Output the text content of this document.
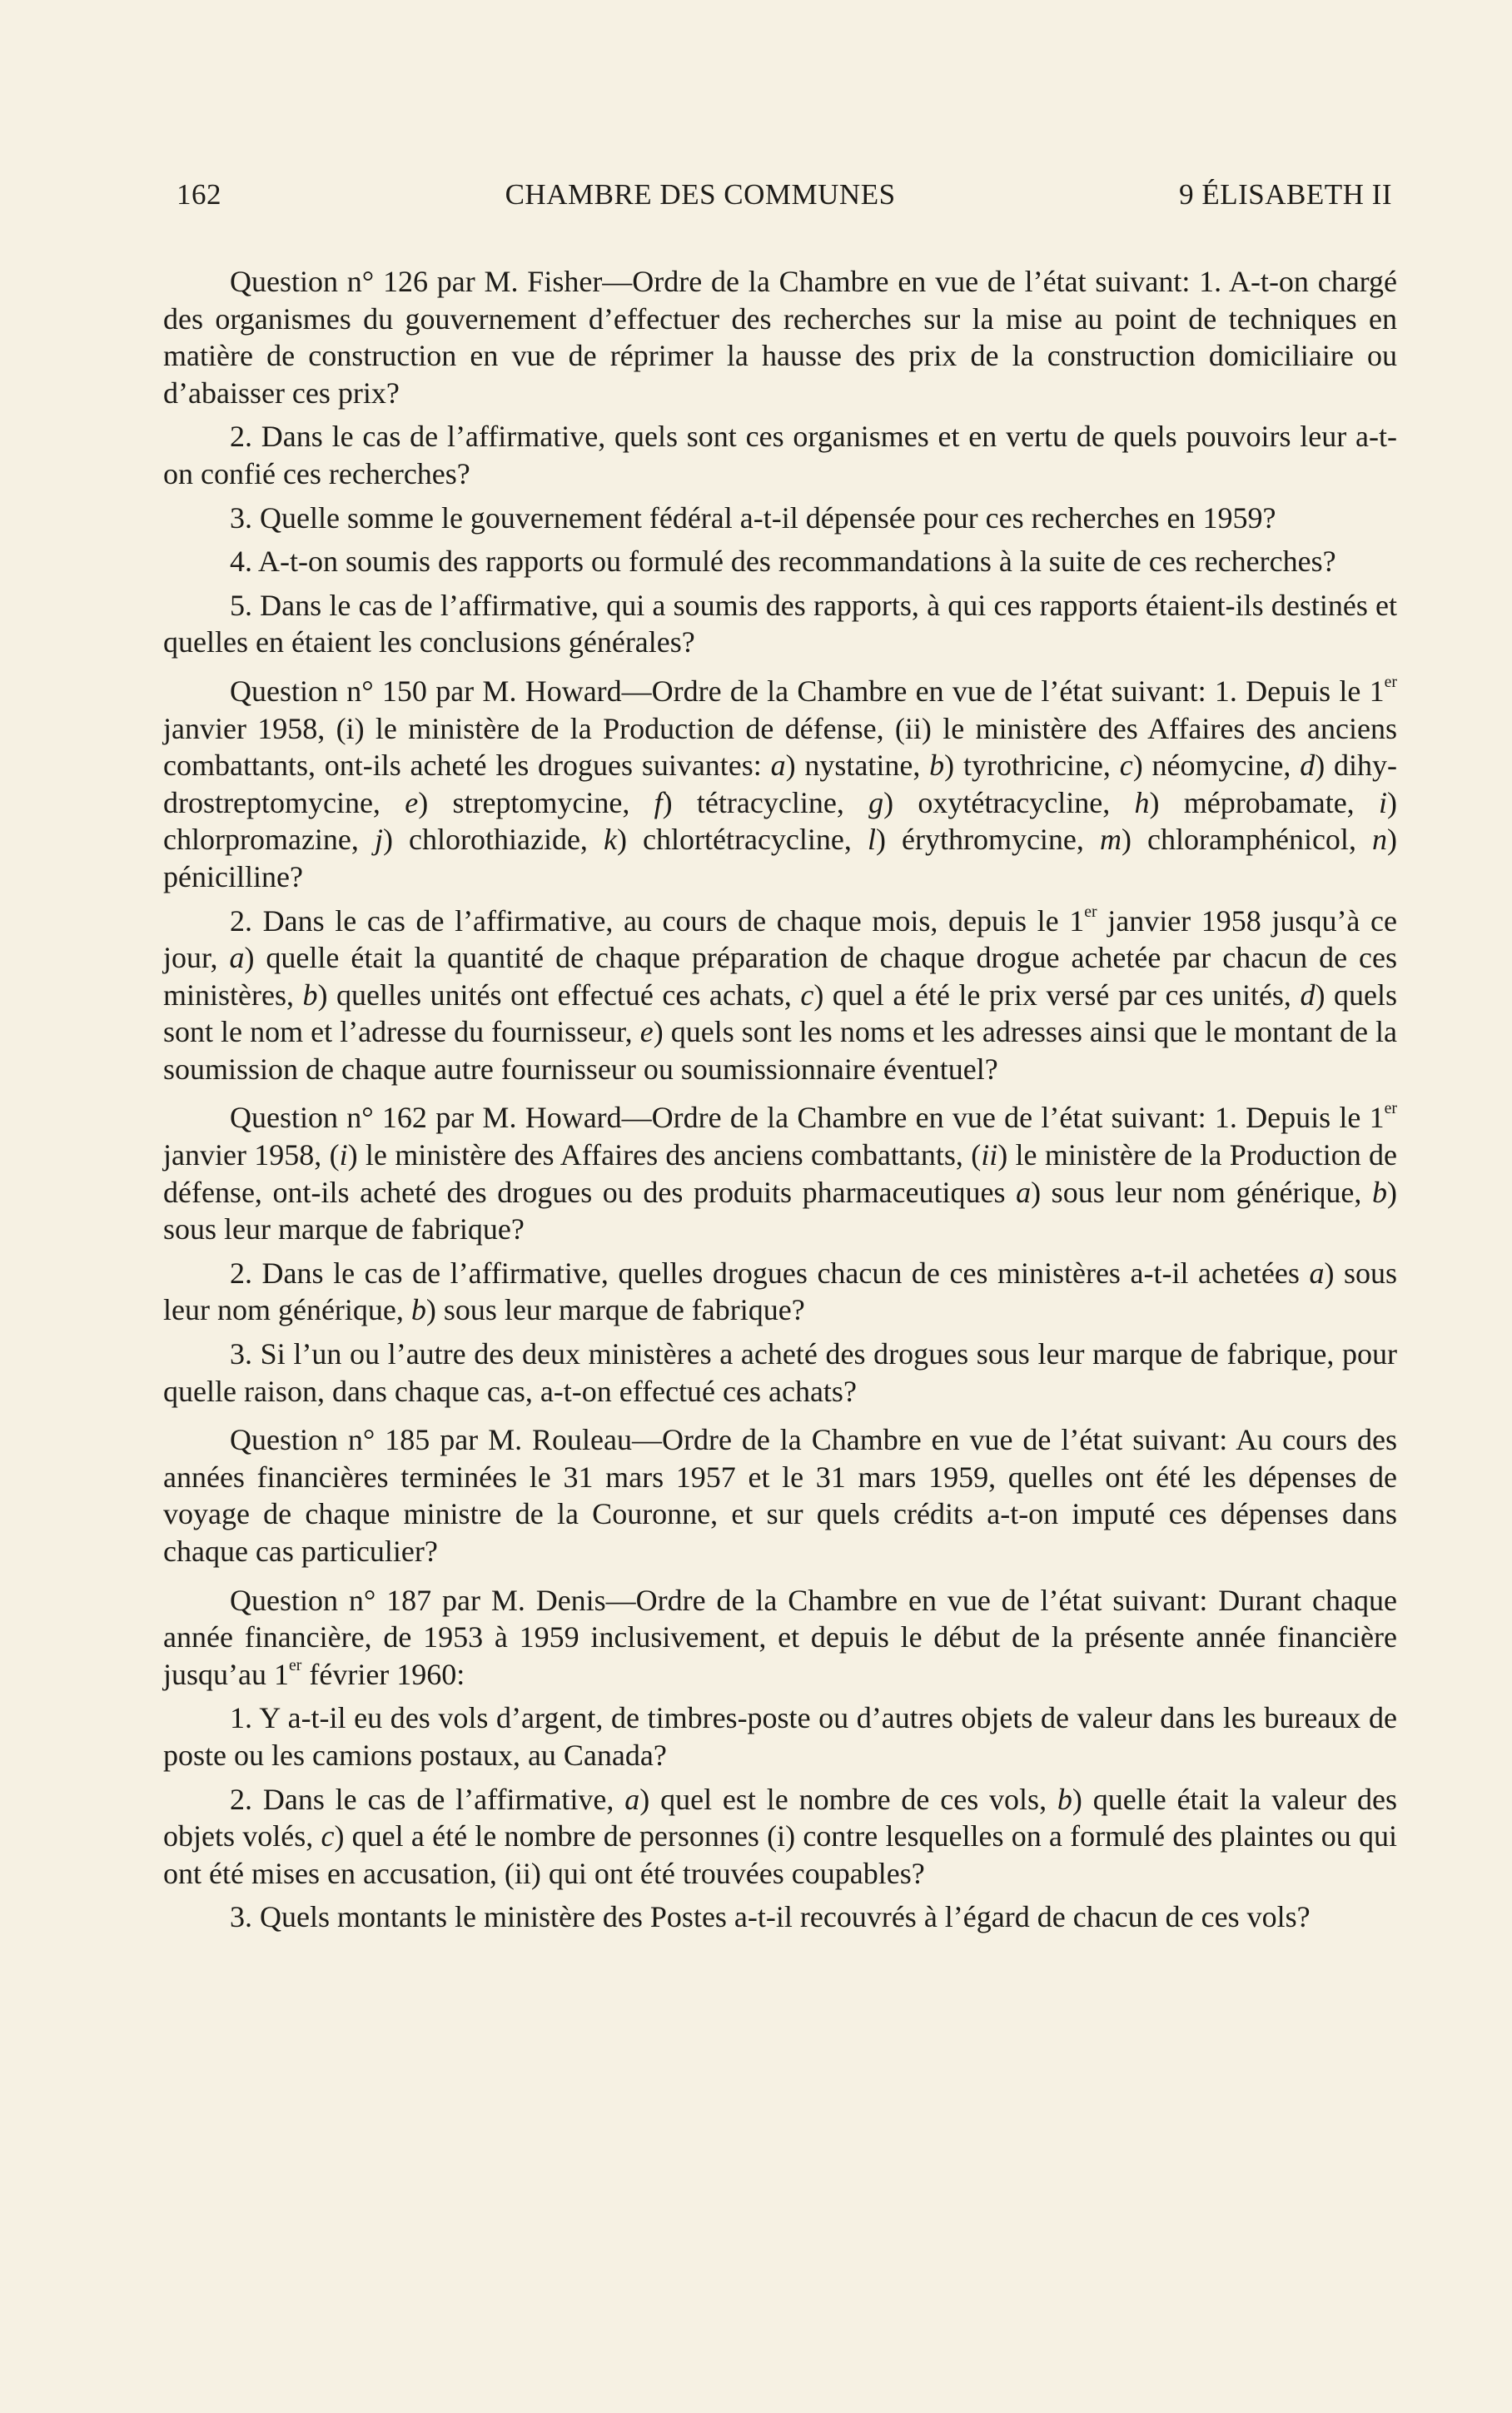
162	CHAMBRE DES COMMUNES	9 ÉLISABETH II

Question n° 126 par M. Fisher—Ordre de la Chambre en vue de l’état suivant: 1. A-t-on chargé des organismes du gouvernement d’effectuer des recherches sur la mise au point de techniques en matière de construction en vue de réprimer la hausse des prix de la construction domiciliaire ou d’abaisser ces prix?

2. Dans le cas de l’affirmative, quels sont ces organismes et en vertu de quels pouvoirs leur a-t-on confié ces recherches?

3. Quelle somme le gouvernement fédéral a-t-il dépensée pour ces recherches en 1959?

4. A-t-on soumis des rapports ou formulé des recommandations à la suite de ces recherches?

5. Dans le cas de l’affirmative, qui a soumis des rapports, à qui ces rapports étaient-ils destinés et quelles en étaient les conclusions générales?

Question n° 150 par M. Howard—Ordre de la Chambre en vue de l’état suivant: 1. Depuis le 1er janvier 1958, (i) le ministère de la Production de défense, (ii) le ministère des Affaires des anciens combattants, ont-ils acheté les drogues suivantes: a) nystatine, b) tyrothricine, c) néomycine, d) dihydrostreptomycine, e) streptomycine, f) tétracycline, g) oxytétracycline, h) méprobamate, i) chlorpromazine, j) chlorothiazide, k) chlortétracycline, l) érythromycine, m) chloramphénicol, n) pénicilline?

2. Dans le cas de l’affirmative, au cours de chaque mois, depuis le 1er janvier 1958 jusqu’à ce jour, a) quelle était la quantité de chaque préparation de chaque drogue achetée par chacun de ces ministères, b) quelles unités ont effectué ces achats, c) quel a été le prix versé par ces unités, d) quels sont le nom et l’adresse du fournisseur, e) quels sont les noms et les adresses ainsi que le montant de la soumission de chaque autre fournisseur ou soumissionnaire éventuel?

Question n° 162 par M. Howard—Ordre de la Chambre en vue de l’état suivant: 1. Depuis le 1er janvier 1958, (i) le ministère des Affaires des anciens combattants, (ii) le ministère de la Production de défense, ont-ils acheté des drogues ou des produits pharmaceutiques a) sous leur nom générique, b) sous leur marque de fabrique?

2. Dans le cas de l’affirmative, quelles drogues chacun de ces ministères a-t-il achetées a) sous leur nom générique, b) sous leur marque de fabrique?

3. Si l’un ou l’autre des deux ministères a acheté des drogues sous leur marque de fabrique, pour quelle raison, dans chaque cas, a-t-on effectué ces achats?

Question n° 185 par M. Rouleau—Ordre de la Chambre en vue de l’état suivant: Au cours des années financières terminées le 31 mars 1957 et le 31 mars 1959, quelles ont été les dépenses de voyage de chaque ministre de la Couronne, et sur quels crédits a-t-on imputé ces dépenses dans chaque cas particulier?

Question n° 187 par M. Denis—Ordre de la Chambre en vue de l’état suivant: Durant chaque année financière, de 1953 à 1959 inclusivement, et depuis le début de la présente année financière jusqu’au 1er février 1960:

1. Y a-t-il eu des vols d’argent, de timbres-poste ou d’autres objets de valeur dans les bureaux de poste ou les camions postaux, au Canada?

2. Dans le cas de l’affirmative, a) quel est le nombre de ces vols, b) quelle était la valeur des objets volés, c) quel a été le nombre de personnes (i) contre lesquelles on a formulé des plaintes ou qui ont été mises en accusation, (ii) qui ont été trouvées coupables?

3. Quels montants le ministère des Postes a-t-il recouvrés à l’égard de chacun de ces vols?
